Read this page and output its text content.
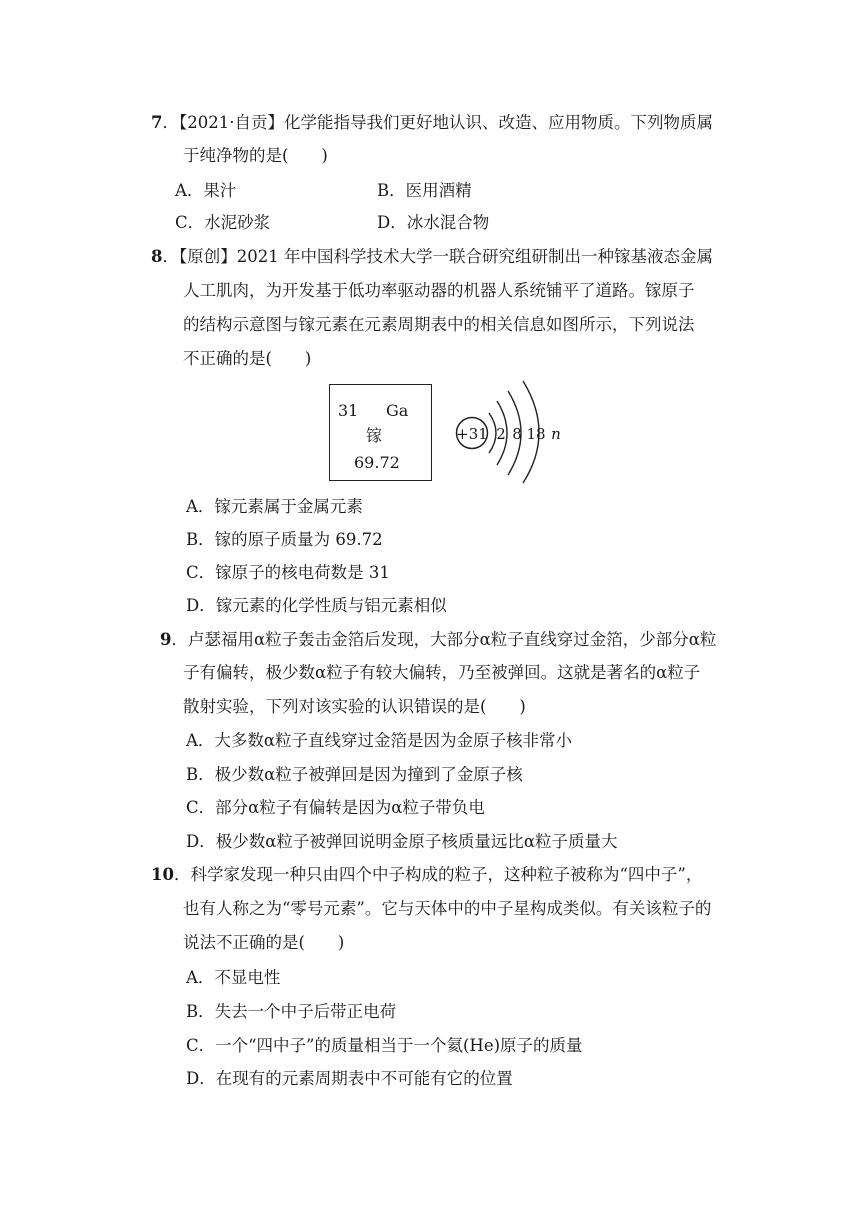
7．【2021·自贡】化学能指导我们更好地认识、改造、应用物质。下列物质属
于纯净物的是(　　)
A．果汁	B．医用酒精
C．水泥砂浆	D．冰水混合物
8．【原创】2021 年中国科学技术大学一联合研究组研制出一种镓基液态金属
人工肌肉，为开发基于低功率驱动器的机器人系统铺平了道路。镓原子
的结构示意图与镓元素在元素周期表中的相关信息如图所示，下列说法
不正确的是(　　)
31 Ga
镓
69.72
+31 2 8 18 n
A．镓元素属于金属元素
B．镓的原子质量为 69.72
C．镓原子的核电荷数是 31
D．镓元素的化学性质与铝元素相似
9．卢瑟福用α粒子轰击金箔后发现，大部分α粒子直线穿过金箔，少部分α粒
子有偏转，极少数α粒子有较大偏转，乃至被弹回。这就是著名的α粒子
散射实验，下列对该实验的认识错误的是(　　)
A．大多数α粒子直线穿过金箔是因为金原子核非常小
B．极少数α粒子被弹回是因为撞到了金原子核
C．部分α粒子有偏转是因为α粒子带负电
D．极少数α粒子被弹回说明金原子核质量远比α粒子质量大
10．科学家发现一种只由四个中子构成的粒子，这种粒子被称为“四中子”，
也有人称之为“零号元素”。它与天体中的中子星构成类似。有关该粒子的
说法不正确的是(　　)
A．不显电性
B．失去一个中子后带正电荷
C．一个“四中子”的质量相当于一个氦(He)原子的质量
D．在现有的元素周期表中不可能有它的位置
